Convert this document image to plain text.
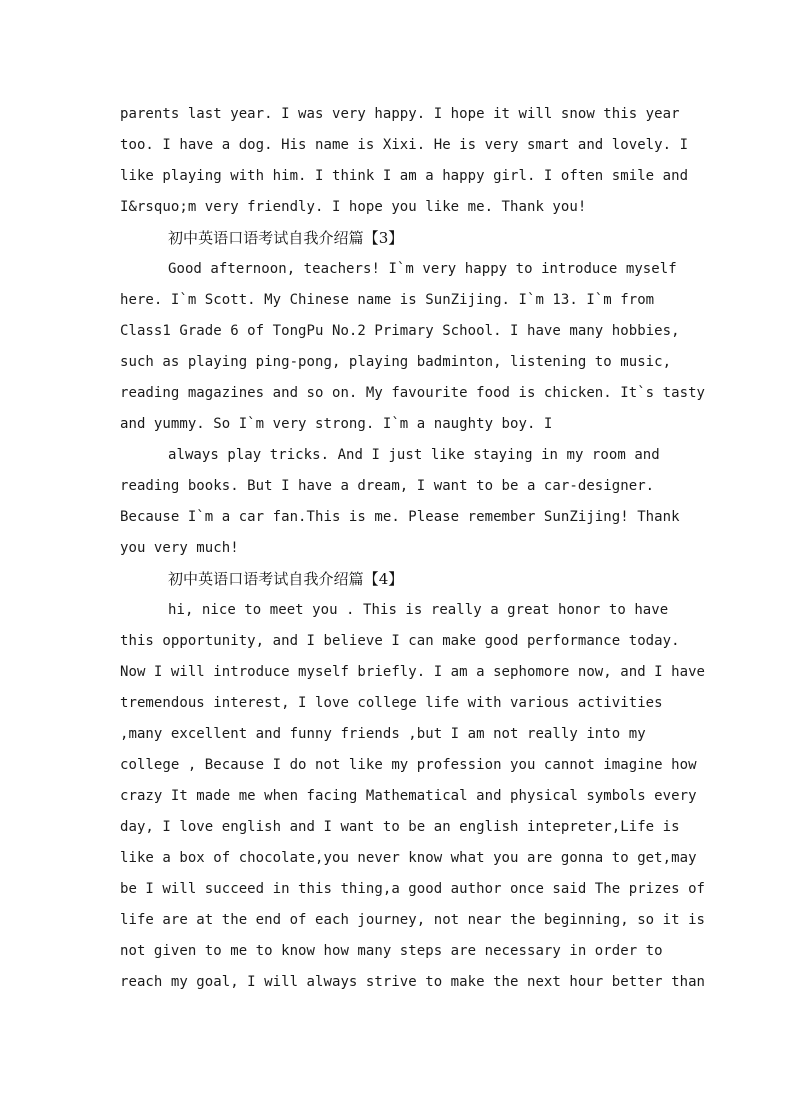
parents last year. I was very happy. I hope it will snow this year
too. I have a dog. His name is Xixi. He is very smart and lovely. I
like playing with him. I think I am a happy girl. I often smile and
I&rsquo;m very friendly. I hope you like me. Thank you!
初中英语口语考试自我介绍篇【3】
Good afternoon, teachers! I`m very happy to introduce myself
here. I`m Scott. My Chinese name is SunZijing. I`m 13. I`m from
Class1 Grade 6 of TongPu No.2 Primary School. I have many hobbies,
such as playing ping-pong, playing badminton, listening to music,
reading magazines and so on. My favourite food is chicken. It`s tasty
and yummy. So I`m very strong. I`m a naughty boy. I
always play tricks. And I just like staying in my room and
reading books. But I have a dream, I want to be a car-designer.
Because I`m a car fan.This is me. Please remember SunZijing! Thank
you very much!
初中英语口语考试自我介绍篇【4】
hi, nice to meet you . This is really a great honor to have
this opportunity, and I believe I can make good performance today.
Now I will introduce myself briefly. I am a sephomore now, and I have
tremendous interest, I love college life with various activities
,many excellent and funny friends ,but I am not really into my
college , Because I do not like my profession you cannot imagine how
crazy It made me when facing Mathematical and physical symbols every
day, I love english and I want to be an english intepreter,Life is
like a box of chocolate,you never know what you are gonna to get,may
be I will succeed in this thing,a good author once said The prizes of
life are at the end of each journey, not near the beginning, so it is
not given to me to know how many steps are necessary in order to
reach my goal, I will always strive to make the next hour better than
